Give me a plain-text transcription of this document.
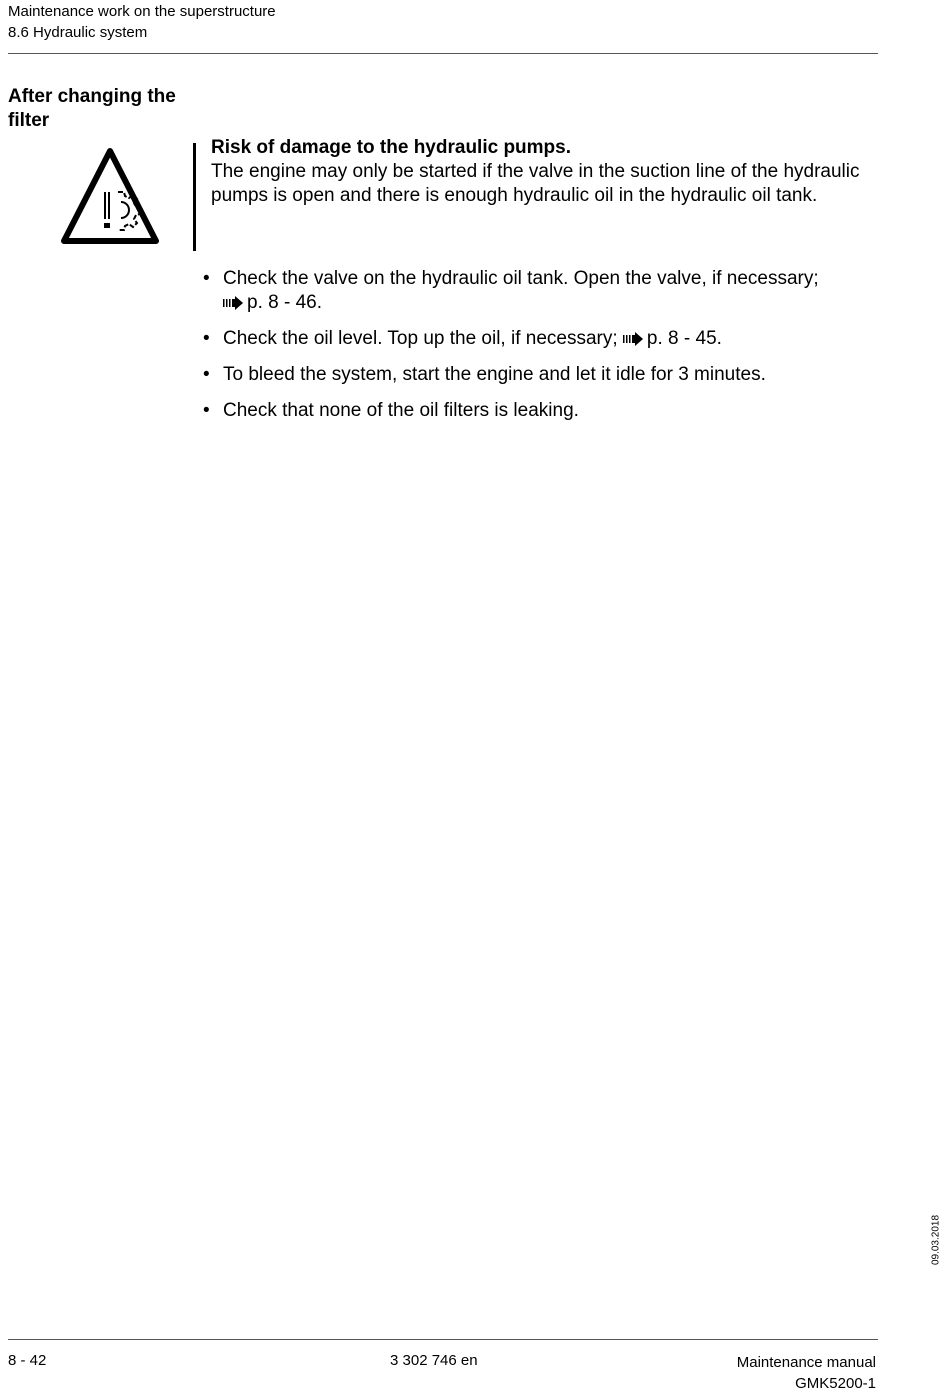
Maintenance work on the superstructure
8.6 Hydraulic system
After changing the filter
Risk of damage to the hydraulic pumps.
The engine may only be started if the valve in the suction line of the hydraulic pumps is open and there is enough hydraulic oil in the hydraulic oil tank.
• Check the valve on the hydraulic oil tank. Open the valve, if necessary;
p. 8 - 46.
• Check the oil level. Top up the oil, if necessary; p. 8 - 45.
• To bleed the system, start the engine and let it idle for 3 minutes.
• Check that none of the oil filters is leaking.
09.03.2018
8 - 42	3 302 746 en	Maintenance manual
GMK5200-1
